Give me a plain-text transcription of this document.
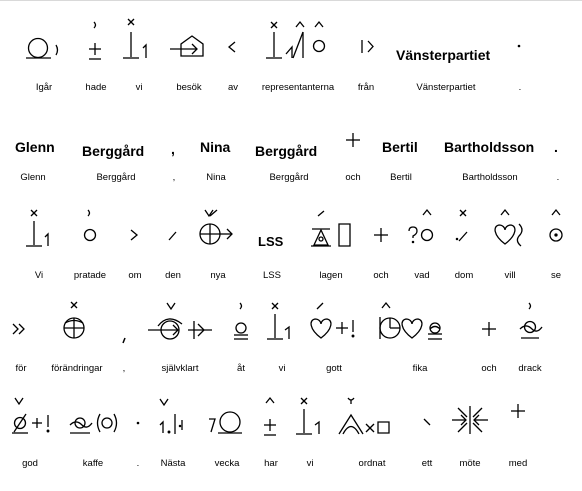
Igår	hade	vi	besök	av	representanterna	från
Vänsterpartiet
Vänsterpartiet	.
Glenn
Glenn
Berggård
Berggård
,
,
Nina
Nina
Berggård
Berggård	och
Bertil
Bertil
Bartholdsson
Bartholdsson
.
.
Vi	pratade	om	den	nya
LSS
LSS	lagen	och	vad	dom	vill	se
för	förändringar	,	självklart	åt	vi	gott	fika	och	drack
god	kaffe	.	Nästa	vecka	har	vi	ordnat	ett	möte	med
